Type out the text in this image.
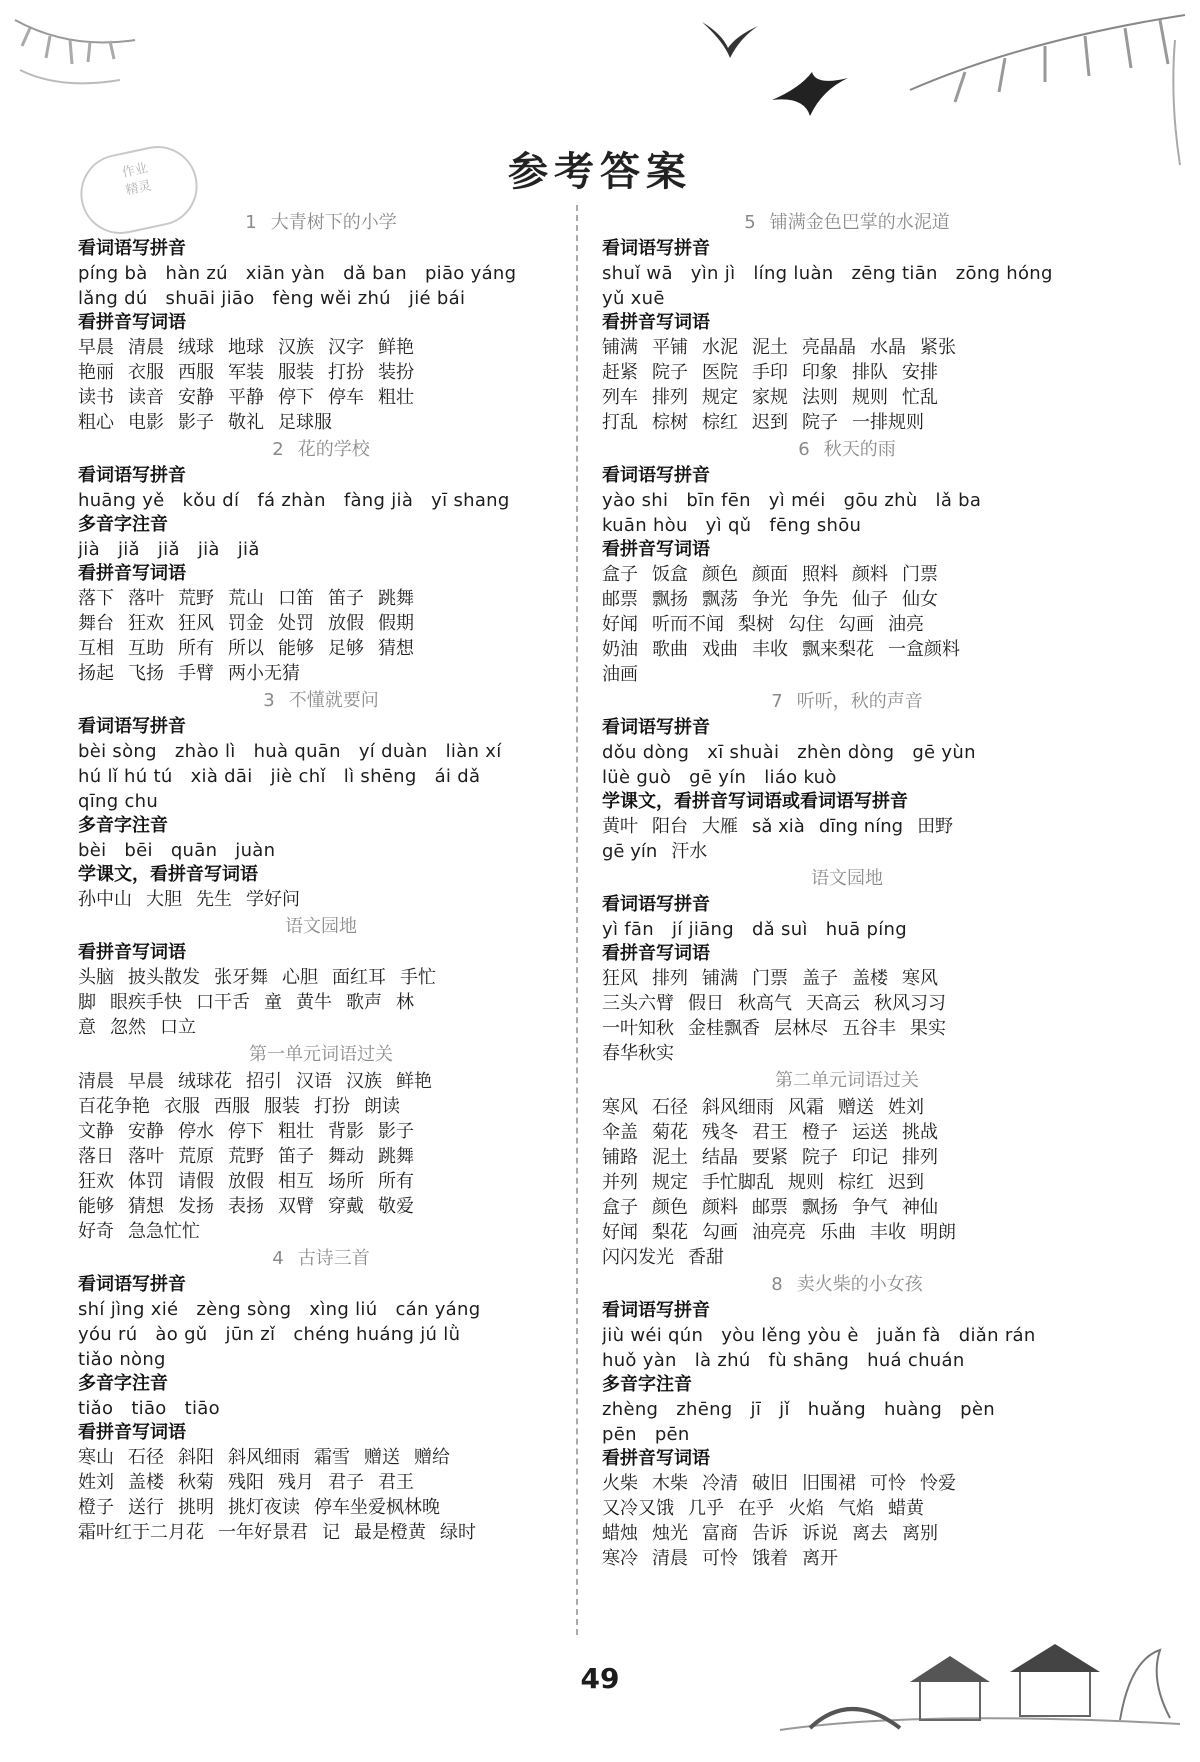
作业
精灵	参考答案
1 大青树下的小学
看词语写拼音
píng bà hàn zú xiān yàn dǎ ban piāo yáng
lǎng dú shuāi jiāo fèng wěi zhú jié bái
看拼音写词语
早晨 清晨 绒球 地球 汉族 汉字 鲜艳
艳丽 衣服 西服 军装 服装 打扮 装扮
读书 读音 安静 平静 停下 停车 粗壮
粗心 电影 影子 敬礼 足球服
2 花的学校
看词语写拼音
huāng yě kǒu dí fá zhàn fàng jià yī shang
多音字注音
jià jiǎ jiǎ jià jiǎ
看拼音写词语
落下 落叶 荒野 荒山 口笛 笛子 跳舞
舞台 狂欢 狂风 罚金 处罚 放假 假期
互相 互助 所有 所以 能够 足够 猜想
扬起 飞扬 手臂 两小无猜
3 不懂就要问
看词语写拼音
bèi sòng zhào lì huà quān yí duàn liàn xí
hú lǐ hú tú xià dāi jiè chǐ lì shēng ái dǎ
qīng chu
多音字注音
bèi bēi quān juàn
学课文，看拼音写词语
孙中山 大胆 先生 学好问
语文园地
看拼音写词语
头脑 披头散发 张牙舞 心胆 面红耳 手忙
脚 眼疾手快 口干舌 童 黄牛 歌声 林
意 忽然 口立
第一单元词语过关
清晨 早晨 绒球花 招引 汉语 汉族 鲜艳
百花争艳 衣服 西服 服装 打扮 朗读
文静 安静 停水 停下 粗壮 背影 影子
落日 落叶 荒原 荒野 笛子 舞动 跳舞
狂欢 体罚 请假 放假 相互 场所 所有
能够 猜想 发扬 表扬 双臂 穿戴 敬爱
好奇 急急忙忙
4 古诗三首
看词语写拼音
shí jìng xié zèng sòng xìng liú cán yáng
yóu rú ào gǔ jūn zǐ chéng huáng jú lǜ
tiǎo nòng
多音字注音
tiǎo tiāo tiāo
看拼音写词语
寒山 石径 斜阳 斜风细雨 霜雪 赠送 赠给
姓刘 盖楼 秋菊 残阳 残月 君子 君王
橙子 送行 挑明 挑灯夜读 停车坐爱枫林晚
霜叶红于二月花 一年好景君 记 最是橙黄 绿时
5 铺满金色巴掌的水泥道
看词语写拼音
shuǐ wā yìn jì líng luàn zēng tiān zōng hóng
yǔ xuē
看拼音写词语
铺满 平铺 水泥 泥土 亮晶晶 水晶 紧张
赶紧 院子 医院 手印 印象 排队 安排
列车 排列 规定 家规 法则 规则 忙乱
打乱 棕树 棕红 迟到 院子 一排规则
6 秋天的雨
看词语写拼音
yào shi bīn fēn yì méi gōu zhù lǎ ba
kuān hòu yì qǔ fēng shōu
看拼音写词语
盒子 饭盒 颜色 颜面 照料 颜料 门票
邮票 飘扬 飘荡 争光 争先 仙子 仙女
好闻 听而不闻 梨树 勾住 勾画 油亮
奶油 歌曲 戏曲 丰收 飘来梨花 一盒颜料
油画
7 听听，秋的声音
看词语写拼音
dǒu dòng xī shuài zhèn dòng gē yùn
lüè guò gē yín liáo kuò
学课文，看拼音写词语或看词语写拼音
黄叶 阳台 大雁 sǎ xià dīng níng 田野
gē yín 汗水
语文园地
看词语写拼音
yì fān jí jiāng dǎ suì huā píng
看拼音写词语
狂风 排列 铺满 门票 盖子 盖楼 寒风
三头六臂 假日 秋高气 天高云 秋风习习
一叶知秋 金桂飘香 层林尽 五谷丰 果实
春华秋实
第二单元词语过关
寒风 石径 斜风细雨 风霜 赠送 姓刘
伞盖 菊花 残冬 君王 橙子 运送 挑战
铺路 泥土 结晶 要紧 院子 印记 排列
并列 规定 手忙脚乱 规则 棕红 迟到
盒子 颜色 颜料 邮票 飘扬 争气 神仙
好闻 梨花 勾画 油亮亮 乐曲 丰收 明朗
闪闪发光 香甜
8 卖火柴的小女孩
看词语写拼音
jiù wéi qún yòu lěng yòu è juǎn fà diǎn rán
huǒ yàn là zhú fù shāng huá chuán
多音字注音
zhèng zhēng jī jǐ huǎng huàng pèn
pēn pēn
看拼音写词语
火柴 木柴 冷清 破旧 旧围裙 可怜 怜爱
又冷又饿 几乎 在乎 火焰 气焰 蜡黄
蜡烛 烛光 富商 告诉 诉说 离去 离别
寒冷 清晨 可怜 饿着 离开
49
